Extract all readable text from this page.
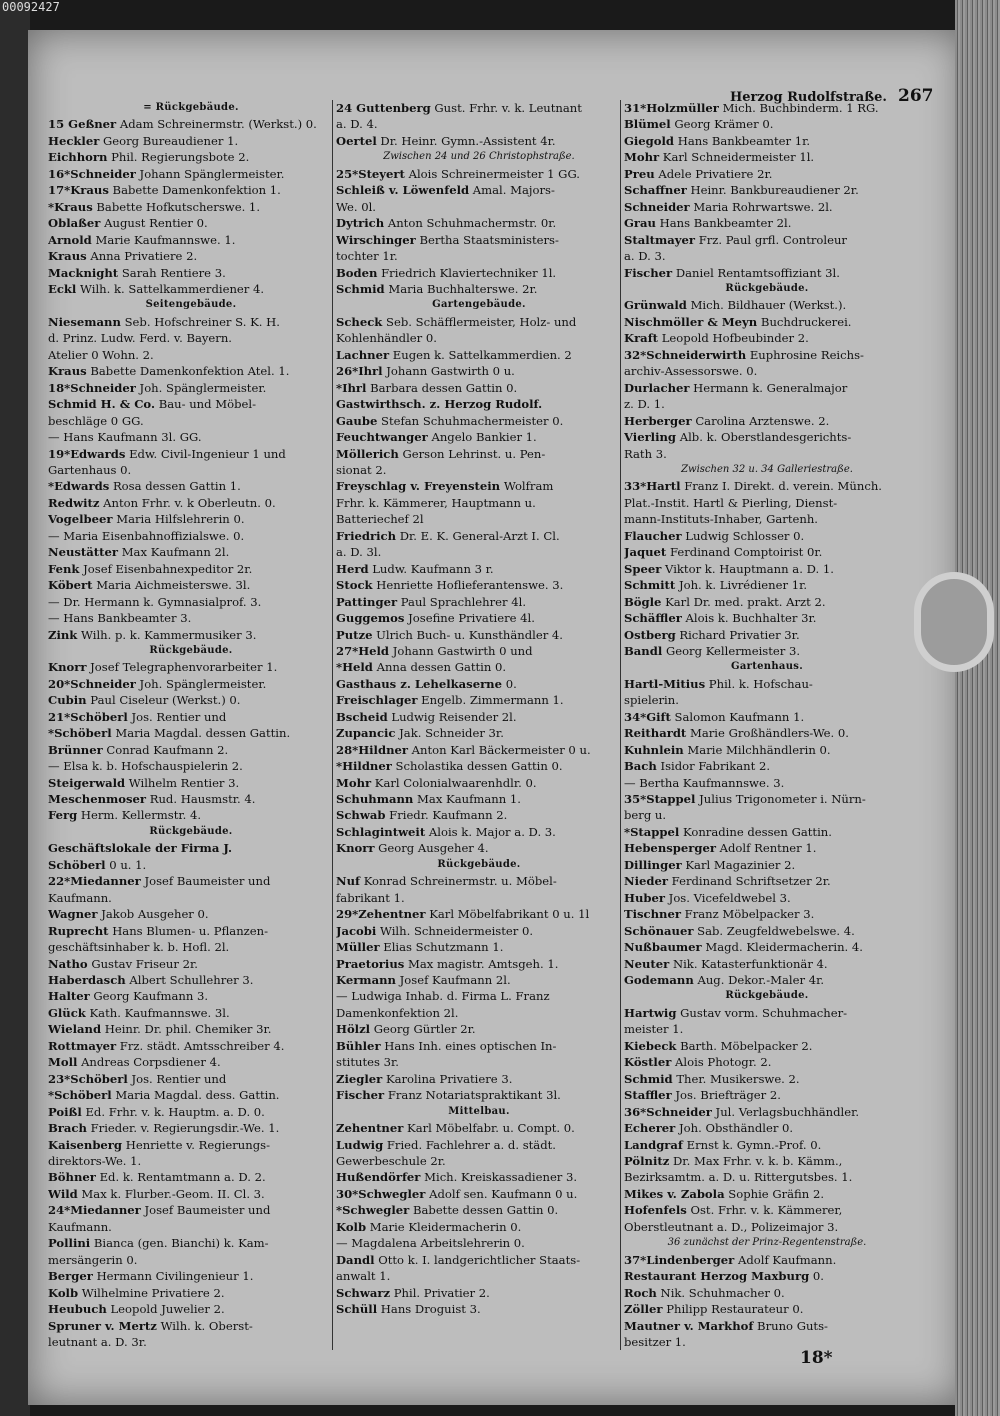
00092427
Herzog Rudolfstraße. 267
= Rückgebäude.
15 Geßner Adam Schreinermstr. (Werkst.) 0.
Heckler Georg Bureaudiener 1.
Eichhorn Phil. Regierungsbote 2.
16*Schneider Johann Spänglermeister.
17*Kraus Babette Damenkonfektion 1.
*Kraus Babette Hofkutscherswe. 1.
Oblaßer August Rentier 0.
Arnold Marie Kaufmannswe. 1.
Kraus Anna Privatiere 2.
Macknight Sarah Rentiere 3.
Eckl Wilh. k. Sattelkammerdiener 4.
Seitengebäude.
Niesemann Seb. Hofschreiner S. K. H.
d. Prinz. Ludw. Ferd. v. Bayern.
Atelier 0 Wohn. 2.
Kraus Babette Damenkonfektion Atel. 1.
18*Schneider Joh. Spänglermeister.
Schmid H. & Co. Bau- und Möbel-
beschläge 0 GG.
— Hans Kaufmann 3l. GG.
19*Edwards Edw. Civil-Ingenieur 1 und
Gartenhaus 0.
*Edwards Rosa dessen Gattin 1.
Redwitz Anton Frhr. v. k Oberleutn. 0.
Vogelbeer Maria Hilfslehrerin 0.
— Maria Eisenbahnoffizialswe. 0.
Neustätter Max Kaufmann 2l.
Fenk Josef Eisenbahnexpeditor 2r.
Köbert Maria Aichmeisterswe. 3l.
— Dr. Hermann k. Gymnasialprof. 3.
— Hans Bankbeamter 3.
Zink Wilh. p. k. Kammermusiker 3.
Rückgebäude.
Knorr Josef Telegraphenvorarbeiter 1.
20*Schneider Joh. Spänglermeister.
Cubin Paul Ciseleur (Werkst.) 0.
21*Schöberl Jos. Rentier und
*Schöberl Maria Magdal. dessen Gattin.
Brünner Conrad Kaufmann 2.
— Elsa k. b. Hofschauspielerin 2.
Steigerwald Wilhelm Rentier 3.
Meschenmoser Rud. Hausmstr. 4.
Ferg Herm. Kellermstr. 4.
Rückgebäude.
Geschäftslokale der Firma J.
Schöberl 0 u. 1.
22*Miedanner Josef Baumeister und
Kaufmann.
Wagner Jakob Ausgeher 0.
Ruprecht Hans Blumen- u. Pflanzen-
geschäftsinhaber k. b. Hofl. 2l.
Natho Gustav Friseur 2r.
Haberdasch Albert Schullehrer 3.
Halter Georg Kaufmann 3.
Glück Kath. Kaufmannswe. 3l.
Wieland Heinr. Dr. phil. Chemiker 3r.
Rottmayer Frz. städt. Amtsschreiber 4.
Moll Andreas Corpsdiener 4.
23*Schöberl Jos. Rentier und
*Schöberl Maria Magdal. dess. Gattin.
Poißl Ed. Frhr. v. k. Hauptm. a. D. 0.
Brach Frieder. v. Regierungsdir.-We. 1.
Kaisenberg Henriette v. Regierungs-
direktors-We. 1.
Böhner Ed. k. Rentamtmann a. D. 2.
Wild Max k. Flurber.-Geom. II. Cl. 3.
24*Miedanner Josef Baumeister und
Kaufmann.
Pollini Bianca (gen. Bianchi) k. Kam-
mersängerin 0.
Berger Hermann Civilingenieur 1.
Kolb Wilhelmine Privatiere 2.
Heubuch Leopold Juwelier 2.
Spruner v. Mertz Wilh. k. Oberst-
leutnant a. D. 3r.
24 Guttenberg Gust. Frhr. v. k. Leutnant
a. D. 4.
Oertel Dr. Heinr. Gymn.-Assistent 4r.
Zwischen 24 und 26 Christophstraße.
25*Steyert Alois Schreinermeister 1 GG.
Schleiß v. Löwenfeld Amal. Majors-
We. 0l.
Dytrich Anton Schuhmachermstr. 0r.
Wirschinger Bertha Staatsministers-
tochter 1r.
Boden Friedrich Klaviertechniker 1l.
Schmid Maria Buchhalterswe. 2r.
Gartengebäude.
Scheck Seb. Schäfflermeister, Holz- und
Kohlenhändler 0.
Lachner Eugen k. Sattelkammerdien. 2
26*Ihrl Johann Gastwirth 0 u.
*Ihrl Barbara dessen Gattin 0.
Gastwirthsch. z. Herzog Rudolf.
Gaube Stefan Schuhmachermeister 0.
Feuchtwanger Angelo Bankier 1.
Möllerich Gerson Lehrinst. u. Pen-
sionat 2.
Freyschlag v. Freyenstein Wolfram
Frhr. k. Kämmerer, Hauptmann u.
Batteriechef 2l
Friedrich Dr. E. K. General-Arzt I. Cl.
a. D. 3l.
Herd Ludw. Kaufmann 3 r.
Stock Henriette Hoflieferantenswe. 3.
Pattinger Paul Sprachlehrer 4l.
Guggemos Josefine Privatiere 4l.
Putze Ulrich Buch- u. Kunsthändler 4.
27*Held Johann Gastwirth 0 und
*Held Anna dessen Gattin 0.
Gasthaus z. Lehelkaserne 0.
Freischlager Engelb. Zimmermann 1.
Bscheid Ludwig Reisender 2l.
Zupancic Jak. Schneider 3r.
28*Hildner Anton Karl Bäckermeister 0 u.
*Hildner Scholastika dessen Gattin 0.
Mohr Karl Colonialwaarenhdlr. 0.
Schuhmann Max Kaufmann 1.
Schwab Friedr. Kaufmann 2.
Schlagintweit Alois k. Major a. D. 3.
Knorr Georg Ausgeher 4.
Rückgebäude.
Nuf Konrad Schreinermstr. u. Möbel-
fabrikant 1.
29*Zehentner Karl Möbelfabrikant 0 u. 1l
Jacobi Wilh. Schneidermeister 0.
Müller Elias Schutzmann 1.
Praetorius Max magistr. Amtsgeh. 1.
Kermann Josef Kaufmann 2l.
— Ludwiga Inhab. d. Firma L. Franz
Damenkonfektion 2l.
Hölzl Georg Gürtler 2r.
Bühler Hans Inh. eines optischen In-
stitutes 3r.
Ziegler Karolina Privatiere 3.
Fischer Franz Notariatspraktikant 3l.
Mittelbau.
Zehentner Karl Möbelfabr. u. Compt. 0.
Ludwig Fried. Fachlehrer a. d. städt.
Gewerbeschule 2r.
Hußendörfer Mich. Kreiskassadiener 3.
30*Schwegler Adolf sen. Kaufmann 0 u.
*Schwegler Babette dessen Gattin 0.
Kolb Marie Kleidermacherin 0.
— Magdalena Arbeitslehrerin 0.
Dandl Otto k. I. landgerichtlicher Staats-
anwalt 1.
Schwarz Phil. Privatier 2.
Schüll Hans Droguist 3.
31*Holzmüller Mich. Buchbinderm. 1 RG.
Blümel Georg Krämer 0.
Giegold Hans Bankbeamter 1r.
Mohr Karl Schneidermeister 1l.
Preu Adele Privatiere 2r.
Schaffner Heinr. Bankbureaudiener 2r.
Schneider Maria Rohrwartswe. 2l.
Grau Hans Bankbeamter 2l.
Staltmayer Frz. Paul grfl. Controleur
a. D. 3.
Fischer Daniel Rentamtsoffiziant 3l.
Rückgebäude.
Grünwald Mich. Bildhauer (Werkst.).
Nischmöller & Meyn Buchdruckerei.
Kraft Leopold Hofbeubinder 2.
32*Schneiderwirth Euphrosine Reichs-
archiv-Assessorswe. 0.
Durlacher Hermann k. Generalmajor
z. D. 1.
Herberger Carolina Arztenswe. 2.
Vierling Alb. k. Oberstlandesgerichts-
Rath 3.
Zwischen 32 u. 34 Galleriestraße.
33*Hartl Franz I. Direkt. d. verein. Münch.
Plat.-Instit. Hartl & Pierling, Dienst-
mann-Instituts-Inhaber, Gartenh.
Flaucher Ludwig Schlosser 0.
Jaquet Ferdinand Comptoirist 0r.
Speer Viktor k. Hauptmann a. D. 1.
Schmitt Joh. k. Livrédiener 1r.
Bögle Karl Dr. med. prakt. Arzt 2.
Schäffler Alois k. Buchhalter 3r.
Ostberg Richard Privatier 3r.
Bandl Georg Kellermeister 3.
Gartenhaus.
Hartl-Mitius Phil. k. Hofschau-
spielerin.
34*Gift Salomon Kaufmann 1.
Reithardt Marie Großhändlers-We. 0.
Kuhnlein Marie Milchhändlerin 0.
Bach Isidor Fabrikant 2.
— Bertha Kaufmannswe. 3.
35*Stappel Julius Trigonometer i. Nürn-
berg u.
*Stappel Konradine dessen Gattin.
Hebensperger Adolf Rentner 1.
Dillinger Karl Magazinier 2.
Nieder Ferdinand Schriftsetzer 2r.
Huber Jos. Vicefeldwebel 3.
Tischner Franz Möbelpacker 3.
Schönauer Sab. Zeugfeldwebelswe. 4.
Nußbaumer Magd. Kleidermacherin. 4.
Neuter Nik. Katasterfunktionär 4.
Godemann Aug. Dekor.-Maler 4r.
Rückgebäude.
Hartwig Gustav vorm. Schuhmacher-
meister 1.
Kiebeck Barth. Möbelpacker 2.
Köstler Alois Photogr. 2.
Schmid Ther. Musikerswe. 2.
Staffler Jos. Briefträger 2.
36*Schneider Jul. Verlagsbuchhändler.
Echerer Joh. Obsthändler 0.
Landgraf Ernst k. Gymn.-Prof. 0.
Pölnitz Dr. Max Frhr. v. k. b. Kämm.,
Bezirksamtm. a. D. u. Rittergutsbes. 1.
Mikes v. Zabola Sophie Gräfin 2.
Hofenfels Ost. Frhr. v. k. Kämmerer,
Oberstleutnant a. D., Polizeimajor 3.
36 zunächst der Prinz-Regentenstraße.
37*Lindenberger Adolf Kaufmann.
Restaurant Herzog Maxburg 0.
Roch Nik. Schuhmacher 0.
Zöller Philipp Restaurateur 0.
Mautner v. Markhof Bruno Guts-
besitzer 1.
18*
